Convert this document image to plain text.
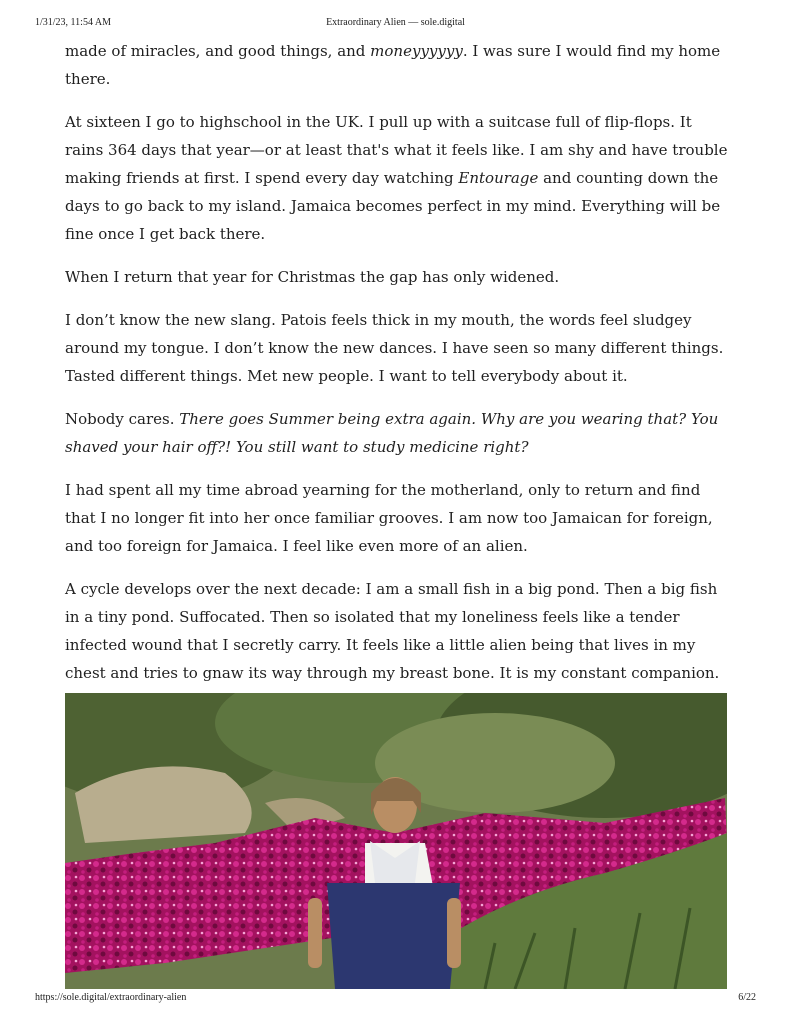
1/31/23, 11:54 AM	Extraordinary Alien — sole.digital

made of miracles, and good things, and moneyyyyyy. I was sure I would find my home there.

At sixteen I go to highschool in the UK. I pull up with a suitcase full of flip-flops. It rains 364 days that year—or at least that's what it feels like. I am shy and have trouble making friends at first. I spend every day watching Entourage and counting down the days to go back to my island. Jamaica becomes perfect in my mind. Everything will be fine once I get back there.

When I return that year for Christmas the gap has only widened.

I don’t know the new slang. Patois feels thick in my mouth, the words feel sludgey around my tongue. I don’t know the new dances. I have seen so many different things. Tasted different things. Met new people. I want to tell everybody about it.

Nobody cares. There goes Summer being extra again. Why are you wearing that? You shaved your hair off?! You still want to study medicine right?

I had spent all my time abroad yearning for the motherland, only to return and find that I no longer fit into her once familiar grooves. I am now too Jamaican for foreign, and too foreign for Jamaica. I feel like even more of an alien.

A cycle develops over the next decade: I am a small fish in a big pond. Then a big fish in a tiny pond. Suffocated. Then so isolated that my loneliness feels like a tender infected wound that I secretly carry. It feels like a little alien being that lives in my chest and tries to gnaw its way through my breast bone. It is my constant companion.

https://sole.digital/extraordinary-alien	6/22
